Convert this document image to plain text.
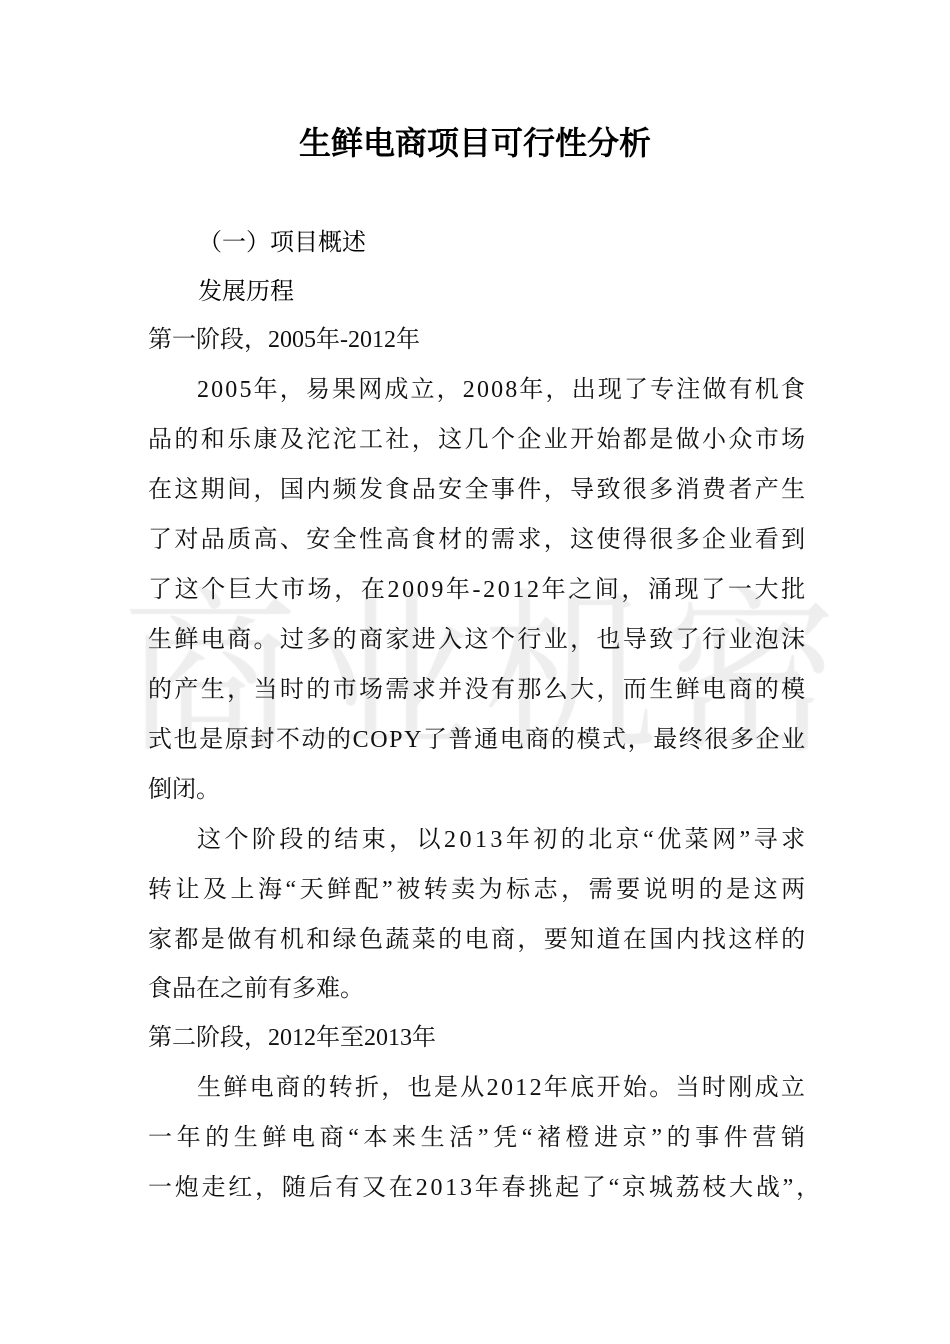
生鲜电商项目可行性分析
（一）项目概述
发展历程
第一阶段，2005年-2012年
2005年，易果网成立，2008年，出现了专注做有机食
品的和乐康及沱沱工社，这几个企业开始都是做小众市场
在这期间，国内频发食品安全事件，导致很多消费者产生
了对品质高、安全性高食材的需求，这使得很多企业看到
了这个巨大市场，在2009年-2012年之间，涌现了一大批
生鲜电商。过多的商家进入这个行业，也导致了行业泡沫
的产生，当时的市场需求并没有那么大，而生鲜电商的模
式也是原封不动的COPY了普通电商的模式，最终很多企业
倒闭。
这个阶段的结束，以2013年初的北京“优菜网”寻求
转让及上海“天鲜配”被转卖为标志，需要说明的是这两
家都是做有机和绿色蔬菜的电商，要知道在国内找这样的
食品在之前有多难。
第二阶段，2012年至2013年
生鲜电商的转折，也是从2012年底开始。当时刚成立
一年的生鲜电商“本来生活”凭“褚橙进京”的事件营销
一炮走红，随后有又在2013年春挑起了“京城荔枝大战”，
